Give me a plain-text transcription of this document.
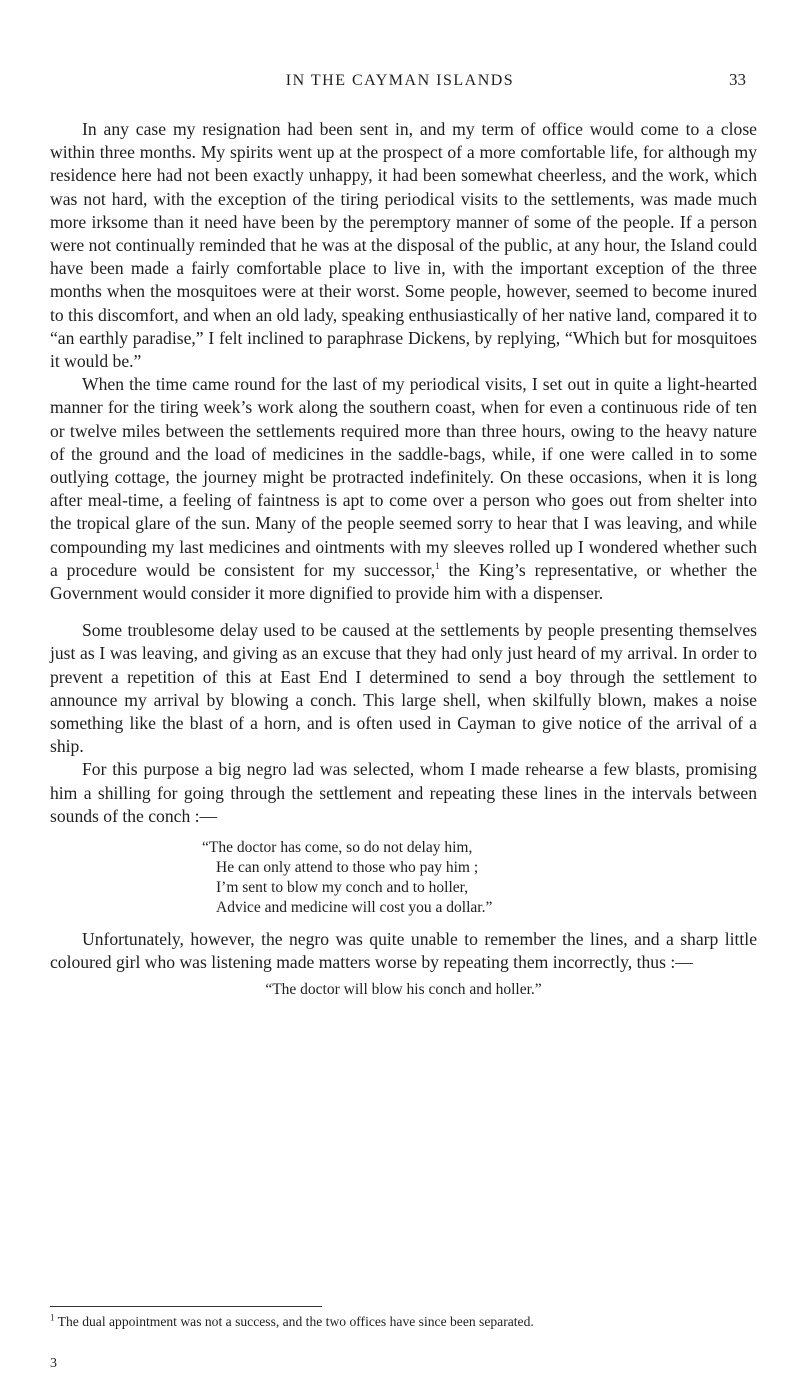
IN THE CAYMAN ISLANDS	33

In any case my resignation had been sent in, and my term of office would come to a close within three months. My spirits went up at the prospect of a more comfortable life, for although my residence here had not been exactly unhappy, it had been somewhat cheerless, and the work, which was not hard, with the exception of the tiring periodical visits to the settlements, was made much more irksome than it need have been by the peremptory manner of some of the people. If a person were not continually reminded that he was at the disposal of the public, at any hour, the Island could have been made a fairly comfortable place to live in, with the important exception of the three months when the mosquitoes were at their worst. Some people, however, seemed to become inured to this discomfort, and when an old lady, speaking enthusiastically of her native land, compared it to “an earthly paradise,” I felt inclined to paraphrase Dickens, by replying, “Which but for mosquitoes it would be.”

When the time came round for the last of my periodical visits, I set out in quite a light-hearted manner for the tiring week’s work along the southern coast, when for even a continuous ride of ten or twelve miles between the settlements required more than three hours, owing to the heavy nature of the ground and the load of medicines in the saddle-bags, while, if one were called in to some outlying cottage, the journey might be protracted indefinitely. On these occasions, when it is long after meal-time, a feeling of faintness is apt to come over a person who goes out from shelter into the tropical glare of the sun. Many of the people seemed sorry to hear that I was leaving, and while compounding my last medicines and ointments with my sleeves rolled up I wondered whether such a procedure would be consistent for my successor,$^1$ the King’s representative, or whether the Government would consider it more dignified to provide him with a dispenser.

Some troublesome delay used to be caused at the settlements by people presenting themselves just as I was leaving, and giving as an excuse that they had only just heard of my arrival. In order to prevent a repetition of this at East End I determined to send a boy through the settlement to announce my arrival by blowing a conch. This large shell, when skilfully blown, makes a noise something like the blast of a horn, and is often used in Cayman to give notice of the arrival of a ship.

For this purpose a big negro lad was selected, whom I made rehearse a few blasts, promising him a shilling for going through the settlement and repeating these lines in the intervals between sounds of the conch :—

“The doctor has come, so do not delay him,
He can only attend to those who pay him ;
I’m sent to blow my conch and to holler,
Advice and medicine will cost you a dollar.”

Unfortunately, however, the negro was quite unable to remember the lines, and a sharp little coloured girl who was listening made matters worse by repeating them incorrectly, thus :—

“The doctor will blow his conch and holler.”
$^1$ The dual appointment was not a success, and the two offices have since been separated.
3
